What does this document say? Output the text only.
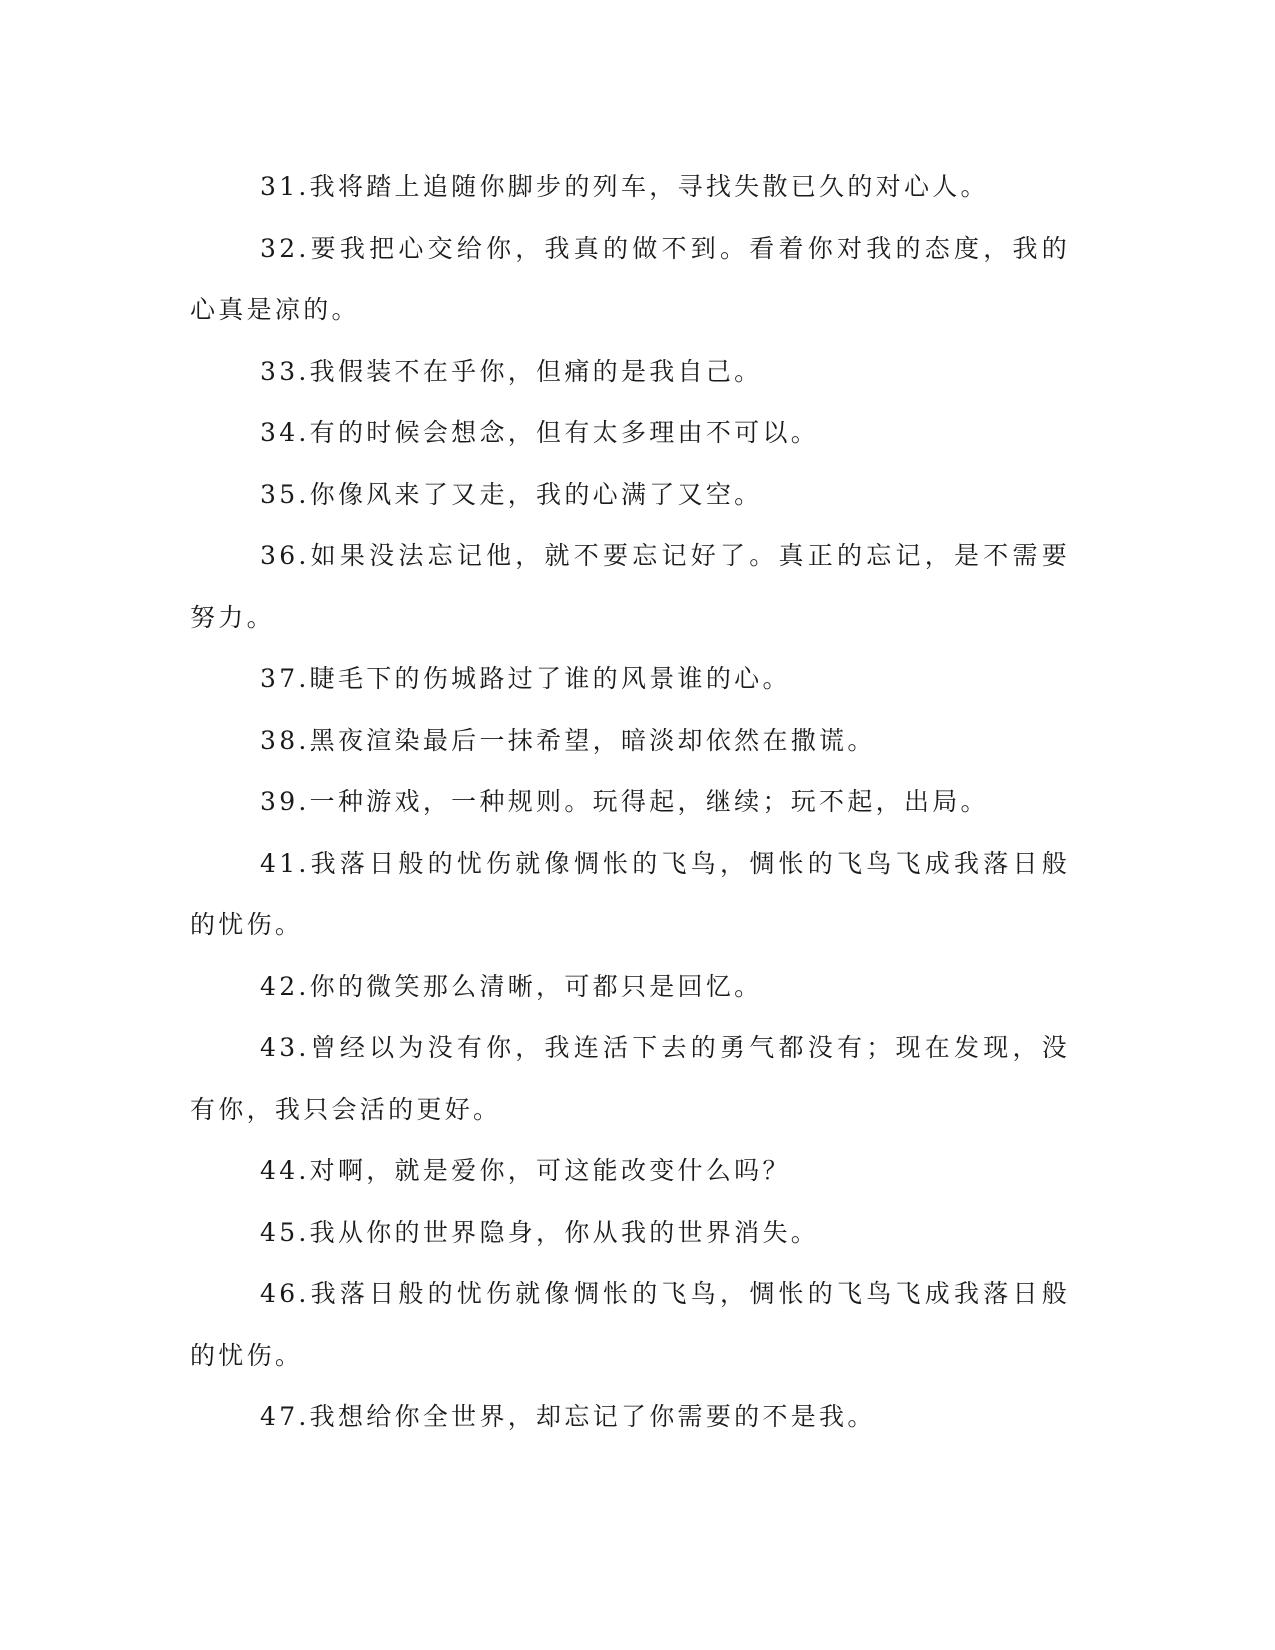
31.我将踏上追随你脚步的列车，寻找失散已久的对心人。

32.要我把心交给你，我真的做不到。看着你对我的态度，我的心真是凉的。

33.我假装不在乎你，但痛的是我自己。

34.有的时候会想念，但有太多理由不可以。

35.你像风来了又走，我的心满了又空。

36.如果没法忘记他，就不要忘记好了。真正的忘记，是不需要努力。

37.睫毛下的伤城路过了谁的风景谁的心。

38.黑夜渲染最后一抹希望，暗淡却依然在撒谎。

39.一种游戏，一种规则。玩得起，继续；玩不起，出局。

41.我落日般的忧伤就像惆怅的飞鸟，惆怅的飞鸟飞成我落日般的忧伤。

42.你的微笑那么清晰，可都只是回忆。

43.曾经以为没有你，我连活下去的勇气都没有；现在发现，没有你，我只会活的更好。

44.对啊，就是爱你，可这能改变什么吗？

45.我从你的世界隐身，你从我的世界消失。

46.我落日般的忧伤就像惆怅的飞鸟，惆怅的飞鸟飞成我落日般的忧伤。

47.我想给你全世界，却忘记了你需要的不是我。
